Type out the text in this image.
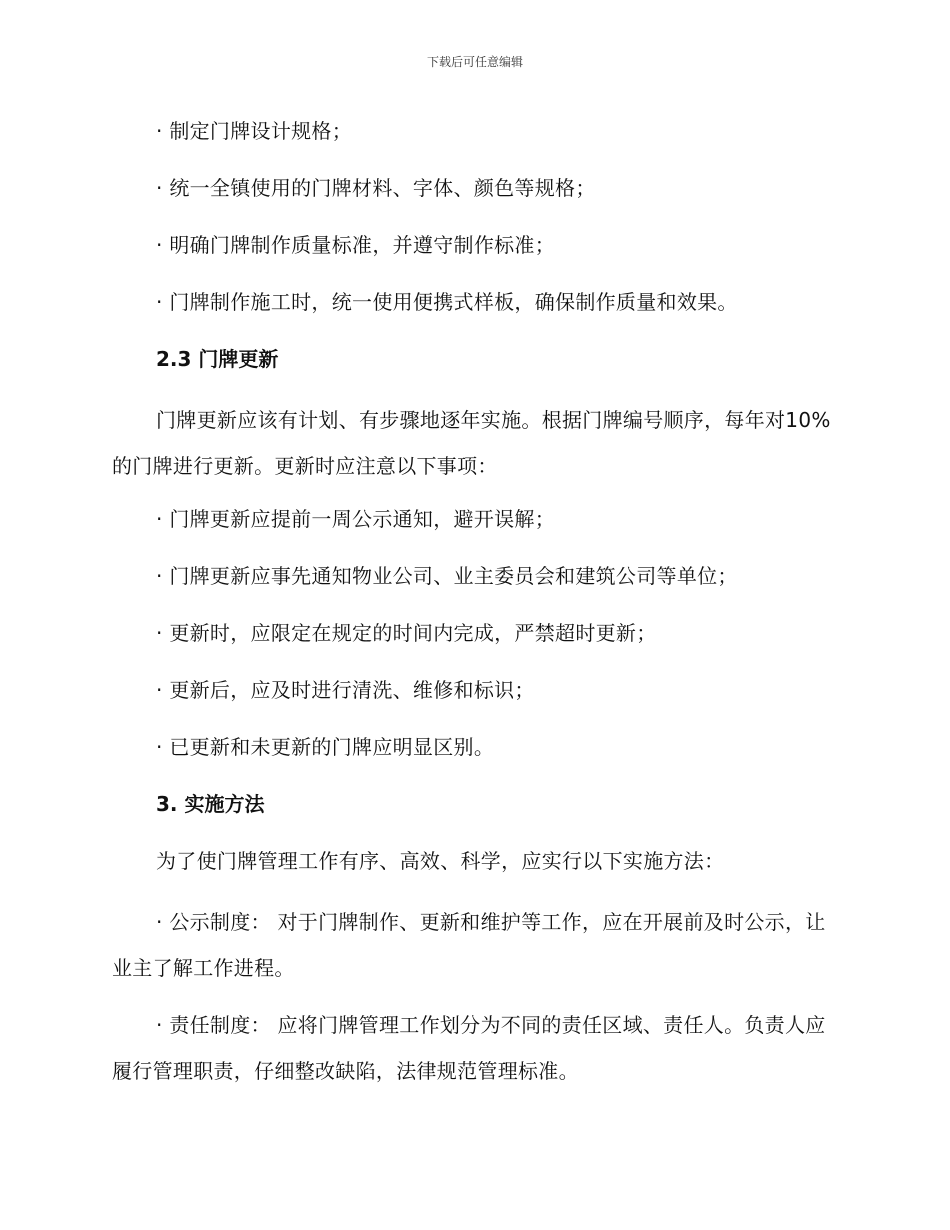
下载后可任意编辑

· 制定门牌设计规格；

· 统一全镇使用的门牌材料、字体、颜色等规格；

· 明确门牌制作质量标准，并遵守制作标准；

· 门牌制作施工时，统一使用便携式样板，确保制作质量和效果。

2.3 门牌更新

门牌更新应该有计划、有步骤地逐年实施。根据门牌编号顺序，每年对10%的门牌进行更新。更新时应注意以下事项：

· 门牌更新应提前一周公示通知，避开误解；

· 门牌更新应事先通知物业公司、业主委员会和建筑公司等单位；

· 更新时，应限定在规定的时间内完成，严禁超时更新；

· 更新后，应及时进行清洗、维修和标识；

· 已更新和未更新的门牌应明显区别。

3. 实施方法

为了使门牌管理工作有序、高效、科学，应实行以下实施方法：

· 公示制度： 对于门牌制作、更新和维护等工作，应在开展前及时公示，让业主了解工作进程。

· 责任制度： 应将门牌管理工作划分为不同的责任区域、责任人。负责人应履行管理职责，仔细整改缺陷，法律规范管理标准。
